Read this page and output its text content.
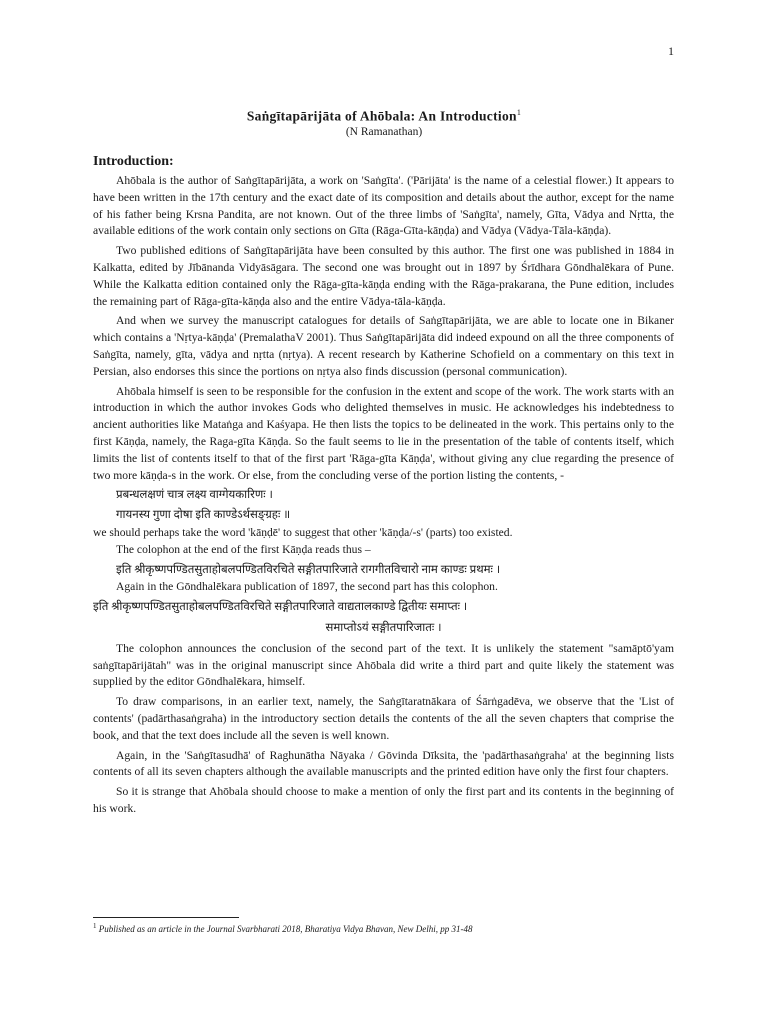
1
Saṅgītapārijāta of Ahōbala: An Introduction$^1$
(N Ramanathan)
Introduction:

Ahōbala is the author of Saṅgītapārijāta, a work on 'Saṅgīta'. ('Pārijāta' is the name of a celestial flower.) It appears to have been written in the 17th century and the exact date of its composition and details about the author, except for the name of his father being Krsna Pandita, are not known. Out of the three limbs of 'Saṅgīta', namely, Gīta, Vādya and Nṛtta, the available editions of the work contain only sections on Gīta (Rāga-Gīta-kāṇḍa) and Vādya (Vādya-Tāla-kāṇḍa).

Two published editions of Saṅgītapārijāta have been consulted by this author. The first one was published in 1884 in Kalkatta, edited by Jībānanda Vidyāsāgara. The second one was brought out in 1897 by Śrīdhara Gōndhalēkara of Pune. While the Kalkatta edition contained only the Rāga-gīta-kāṇḍa ending with the Rāga-prakarana, the Pune edition, includes the remaining part of Rāga-gīta-kāṇḍa also and the entire Vādya-tāla-kāṇḍa.

And when we survey the manuscript catalogues for details of Saṅgītapārijāta, we are able to locate one in Bikaner which contains a 'Nṛtya-kāṇḍa' (PremalathaV 2001). Thus Saṅgītapārijāta did indeed expound on all the three components of Saṅgīta, namely, gīta, vādya and nṛtta (nṛtya). A recent research by Katherine Schofield on a commentary on this text in Persian, also endorses this since the portions on nṛtya also finds discussion (personal communication).

Ahōbala himself is seen to be responsible for the confusion in the extent and scope of the work. The work starts with an introduction in which the author invokes Gods who delighted themselves in music. He acknowledges his indebtedness to ancient authorities like Mataṅga and Kaśyapa. He then lists the topics to be delineated in the work. This pertains only to the first Kāṇḍa, namely, the Raga-gīta Kāṇḍa. So the fault seems to lie in the presentation of the table of contents itself, which limits the list of contents itself to that of the first part 'Rāga-gīta Kāṇḍa', without giving any clue regarding the presence of two more kāṇḍa-s in the work. Or else, from the concluding verse of the portion listing the contents, -

प्रबन्धलक्षणं चात्र लक्ष्य वाग्गेयकारिणः ।

गायनस्य गुणा दोषा इति काण्डेऽर्थसङ्ग्रहः ॥

we should perhaps take the word 'kāṇḍē' to suggest that other 'kāṇḍa/-s' (parts) too existed.

The colophon at the end of the first Kāṇḍa reads thus –

इति श्रीकृष्णपण्डितसुताहोबलपण्डितविरचिते सङ्गीतपारिजाते रागगीतविचारो नाम काण्डः प्रथमः ।

Again in the Gōndhalēkara publication of 1897, the second part has this colophon.

इति श्रीकृष्णपण्डितसुताहोबलपण्डितविरचिते सङ्गीतपारिजाते वाद्यतालकाण्डे द्वितीयः समाप्तः ।

समाप्तोऽयं सङ्गीतपारिजातः ।

The colophon announces the conclusion of the second part of the text. It is unlikely the statement "samāptō'yam saṅgītapārijātah" was in the original manuscript since Ahōbala did write a third part and quite likely the statement was supplied by the editor Gōndhalēkara, himself.

To draw comparisons, in an earlier text, namely, the Saṅgītaratnākara of Śārṅgadēva, we observe that the 'List of contents' (padārthasaṅgraha) in the introductory section details the contents of the all the seven chapters that comprise the book, and that the text does include all the seven is well known.

Again, in the 'Saṅgītasudhā' of Raghunātha Nāyaka / Gōvinda Dīksita, the 'padārthasaṅgraha' at the beginning lists contents of all its seven chapters although the available manuscripts and the printed edition have only the first four chapters.

So it is strange that Ahōbala should choose to make a mention of only the first part and its contents in the beginning of his work.

$^1$ Published as an article in the Journal Svarbharati 2018, Bharatiya Vidya Bhavan, New Delhi, pp 31-48
